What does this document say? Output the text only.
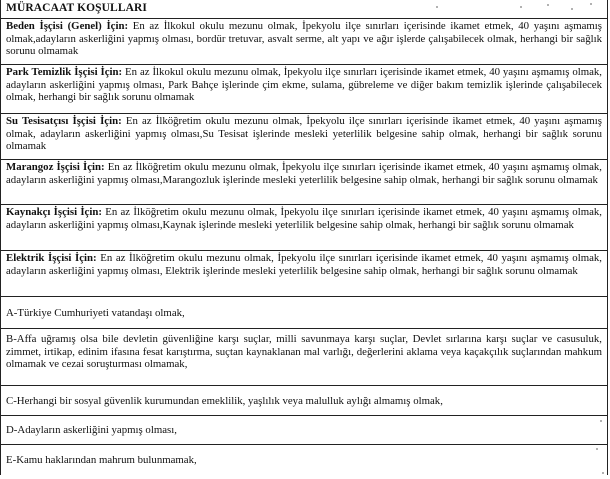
MÜRACAAT KOŞULLARI
Beden İşçisi (Genel) İçin: En az İlkokul okulu mezunu olmak, İpekyolu ilçe sınırları içerisinde ikamet etmek, 40 yaşını aşmamış olmak,adayların askerliğini yapmış olması, bordür tretuvar, asvalt serme, alt yapı ve ağır işlerde çalışabilecek olmak, herhangi bir sağlık sorunu olmamak
Park Temizlik İşçisi İçin: En az İlkokul okulu mezunu olmak, İpekyolu ilçe sınırları içerisinde ikamet etmek, 40 yaşını aşmamış olmak, adayların askerliğini yapmış olması, Park Bahçe işlerinde çim ekme, sulama, gübreleme ve diğer bakım temizlik işlerinde çalışabilecek olmak, herhangi bir sağlık sorunu olmamak
Su Tesisatçısı İşçisi İçin: En az İlköğretim okulu mezunu olmak, İpekyolu ilçe sınırları içerisinde ikamet etmek, 40 yaşını aşmamış olmak, adayların askerliğini yapmış olması,Su Tesisat işlerinde mesleki yeterlilik belgesine sahip olmak, herhangi bir sağlık sorunu olmamak
Marangoz İşçisi İçin: En az İlköğretim okulu mezunu olmak, İpekyolu ilçe sınırları içerisinde ikamet etmek, 40 yaşını aşmamış olmak, adayların askerliğini yapmış olması,Marangozluk işlerinde mesleki yeterlilik belgesine sahip olmak, herhangi bir sağlık sorunu olmamak
Kaynakçı İşçisi İçin: En az İlköğretim okulu mezunu olmak, İpekyolu ilçe sınırları içerisinde ikamet etmek, 40 yaşını aşmamış olmak, adayların askerliğini yapmış olması,Kaynak işlerinde mesleki yeterlilik belgesine sahip olmak, herhangi bir sağlık sorunu olmamak
Elektrik İşçisi İçin: En az İlköğretim okulu mezunu olmak, İpekyolu ilçe sınırları içerisinde ikamet etmek, 40 yaşını aşmamış olmak, adayların askerliğini yapmış olması, Elektrik işlerinde mesleki yeterlilik belgesine sahip olmak, herhangi bir sağlık sorunu olmamak
A-Türkiye Cumhuriyeti vatandaşı olmak,
B-Affa uğramış olsa bile devletin güvenliğine karşı suçlar, milli savunmaya karşı suçlar, Devlet sırlarına karşı suçlar ve casusuluk, zimmet, irtikap, edinim ifasına fesat karıştırma, suçtan kaynaklanan mal varlığı, değerlerini aklama veya kaçakçılık suçlarından mahkum olmamak ve cezai soruşturması olmamak,
C-Herhangi bir sosyal güvenlik kurumundan emeklilik, yaşlılık veya malulluk aylığı almamış olmak,
D-Adayların askerliğini yapmış olması,
E-Kamu haklarından mahrum bulunmamak,
